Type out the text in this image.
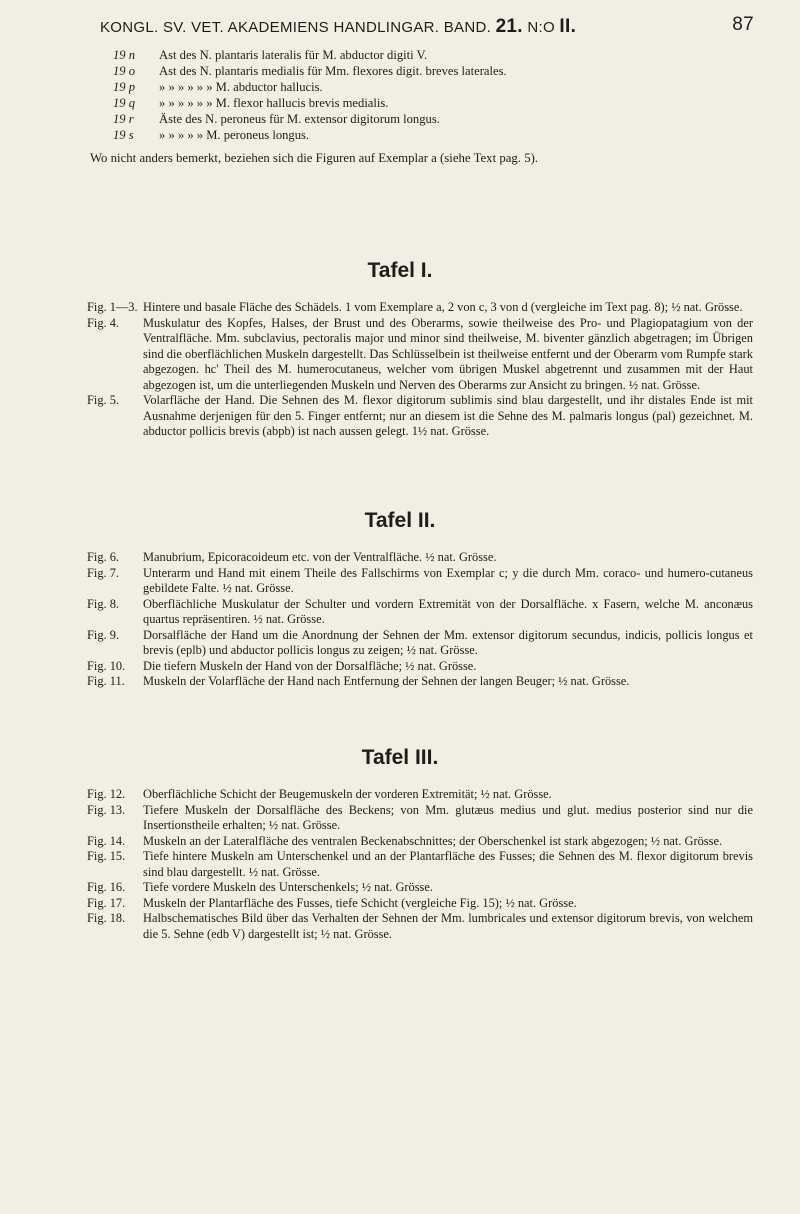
KONGL. SV. VET. AKADEMIENS HANDLINGAR. BAND. 21. N:O II.	87
19 n	Ast des N. plantaris lateralis für M. abductor digiti V.
19 o	Ast des N. plantaris medialis für Mm. flexores digit. breves laterales.
19 p	» » » » » » M. abductor hallucis.
19 q	» » » » » » M. flexor hallucis brevis medialis.
19 r	Äste des N. peroneus für M. extensor digitorum longus.
19 s	» » » » » M. peroneus longus.
Wo nicht anders bemerkt, beziehen sich die Figuren auf Exemplar a (siehe Text pag. 5).
Tafel I.
Fig. 1—3. Hintere und basale Fläche des Schädels. 1 vom Exemplare a, 2 von c, 3 von d (vergleiche im Text pag. 8); ½ nat. Grösse.
Fig. 4.	Muskulatur des Kopfes, Halses, der Brust und des Oberarms, sowie theilweise des Pro- und Plagiopatagium von der Ventralfläche. Mm. subclavius, pectoralis major und minor sind theilweise, M. biventer gänzlich abgetragen; im Übrigen sind die oberflächlichen Muskeln dargestellt. Das Schlüsselbein ist theilweise entfernt und der Oberarm vom Rumpfe stark abgezogen. hc' Theil des M. humerocutaneus, welcher vom übrigen Muskel abgetrennt und zusammen mit der Haut abgezogen ist, um die unterliegenden Muskeln und Nerven des Oberarms zur Ansicht zu bringen. ½ nat. Grösse.
Fig. 5.	Volarfläche der Hand. Die Sehnen des M. flexor digitorum sublimis sind blau dargestellt, und ihr distales Ende ist mit Ausnahme derjenigen für den 5. Finger entfernt; nur an diesem ist die Sehne des M. palmaris longus (pal) gezeichnet. M. abductor pollicis brevis (abpb) ist nach aussen gelegt. 1½ nat. Grösse.
Tafel II.
Fig. 6.	Manubrium, Epicoracoideum etc. von der Ventralfläche. ½ nat. Grösse.
Fig. 7.	Unterarm und Hand mit einem Theile des Fallschirms von Exemplar c; y die durch Mm. coraco- und humero-cutaneus gebildete Falte. ½ nat. Grösse.
Fig. 8.	Oberflächliche Muskulatur der Schulter und vordern Extremität von der Dorsalfläche. x Fasern, welche M. anconæus quartus repräsentiren. ½ nat. Grösse.
Fig. 9.	Dorsalfläche der Hand um die Anordnung der Sehnen der Mm. extensor digitorum secundus, indicis, pollicis longus et brevis (eplb) und abductor pollicis longus zu zeigen; ½ nat. Grösse.
Fig. 10.	Die tiefern Muskeln der Hand von der Dorsalfläche; ½ nat. Grösse.
Fig. 11.	Muskeln der Volarfläche der Hand nach Entfernung der Sehnen der langen Beuger; ½ nat. Grösse.
Tafel III.
Fig. 12.	Oberflächliche Schicht der Beugemuskeln der vorderen Extremität; ½ nat. Grösse.
Fig. 13.	Tiefere Muskeln der Dorsalfläche des Beckens; von Mm. glutæus medius und glut. medius posterior sind nur die Insertionstheile erhalten; ½ nat. Grösse.
Fig. 14.	Muskeln an der Lateralfläche des ventralen Beckenabschnittes; der Oberschenkel ist stark abgezogen; ½ nat. Grösse.
Fig. 15.	Tiefe hintere Muskeln am Unterschenkel und an der Plantarfläche des Fusses; die Sehnen des M. flexor digitorum brevis sind blau dargestellt. ½ nat. Grösse.
Fig. 16.	Tiefe vordere Muskeln des Unterschenkels; ½ nat. Grösse.
Fig. 17.	Muskeln der Plantarfläche des Fusses, tiefe Schicht (vergleiche Fig. 15); ½ nat. Grösse.
Fig. 18.	Halbschematisches Bild über das Verhalten der Sehnen der Mm. lumbricales und extensor digitorum brevis, von welchem die 5. Sehne (edb V) dargestellt ist; ½ nat. Grösse.
